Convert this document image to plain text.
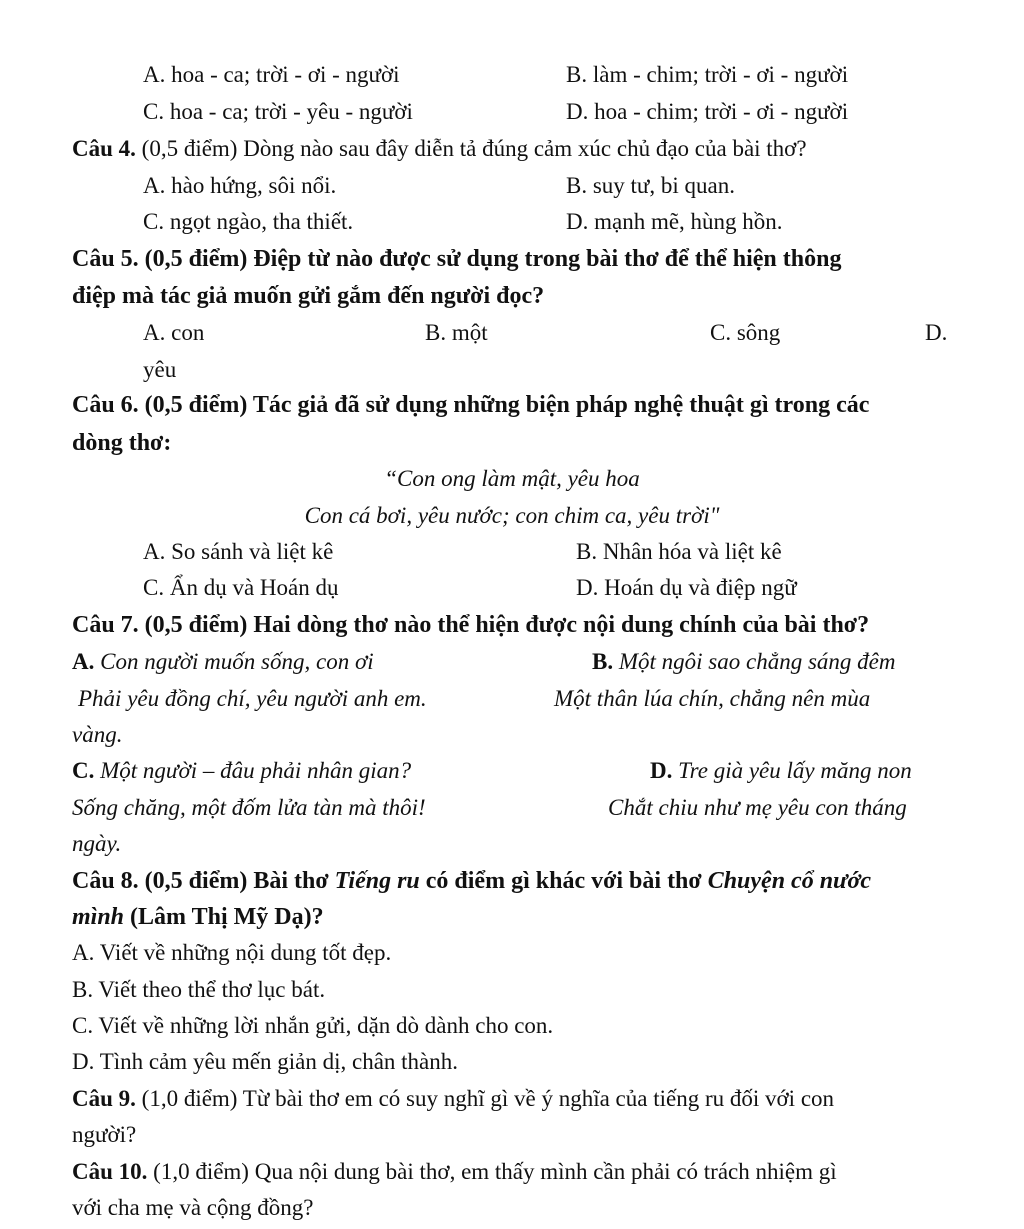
A. hoa - ca; trời - ơi - người	B. làm - chim; trời - ơi - người
C. hoa - ca; trời - yêu - người	D. hoa - chim; trời - ơi - người
Câu 4. (0,5 điểm) Dòng nào sau đây diễn tả đúng cảm xúc chủ đạo của bài thơ?
A. hào hứng, sôi nổi.	B. suy tư, bi quan.
C. ngọt ngào, tha thiết.	D. mạnh mẽ, hùng hồn.
Câu 5. (0,5 điểm) Điệp từ nào được sử dụng trong bài thơ để thể hiện thông
điệp mà tác giả muốn gửi gắm đến người đọc?
A. con	B. một	C. sông	D.
yêu
Câu 6. (0,5 điểm) Tác giả đã sử dụng những biện pháp nghệ thuật gì trong các
dòng thơ:
“Con ong làm mật, yêu hoa
Con cá bơi, yêu nước; con chim ca, yêu trời"
A. So sánh và liệt kê	B. Nhân hóa và liệt kê
C. Ẩn dụ và Hoán dụ	D. Hoán dụ và điệp ngữ
Câu 7. (0,5 điểm) Hai dòng thơ nào thể hiện được nội dung chính của bài thơ?
A. Con người muốn sống, con ơi	B. Một ngôi sao chẳng sáng đêm
Phải yêu đồng chí, yêu người anh em.	Một thân lúa chín, chẳng nên mùa
vàng.
C. Một người – đâu phải nhân gian?	D. Tre già yêu lấy măng non
Sống chăng, một đốm lửa tàn mà thôi!	Chắt chiu như mẹ yêu con tháng
ngày.
Câu 8. (0,5 điểm) Bài thơ Tiếng ru có điểm gì khác với bài thơ Chuyện cổ nước
mình (Lâm Thị Mỹ Dạ)?
A. Viết về những nội dung tốt đẹp.
B. Viết theo thể thơ lục bát.
C. Viết về những lời nhắn gửi, dặn dò dành cho con.
D. Tình cảm yêu mến giản dị, chân thành.
Câu 9. (1,0 điểm) Từ bài thơ em có suy nghĩ gì về ý nghĩa của tiếng ru đối với con
người?
Câu 10. (1,0 điểm) Qua nội dung bài thơ, em thấy mình cần phải có trách nhiệm gì
với cha mẹ và cộng đồng?
